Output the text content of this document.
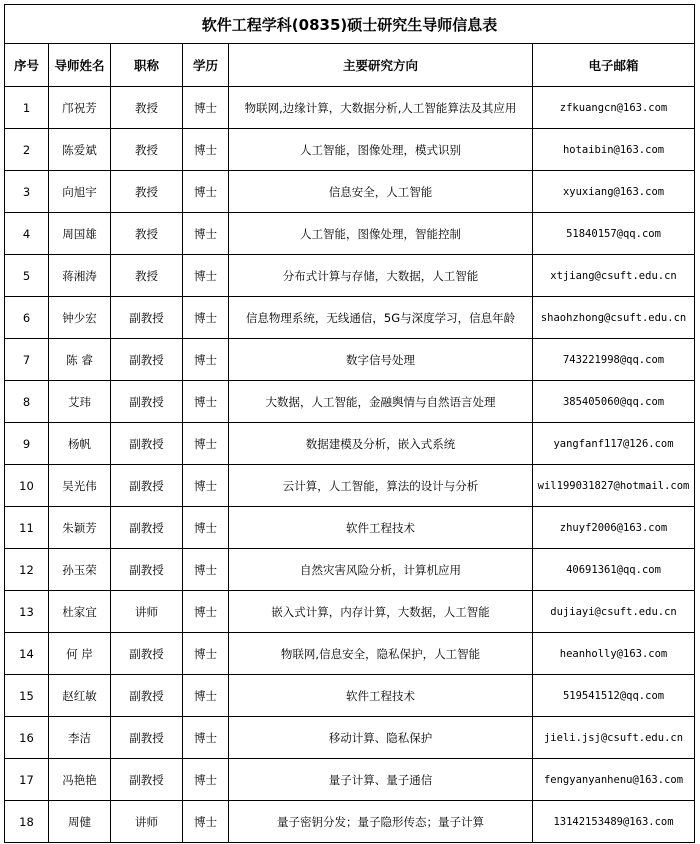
软件工程学科(0835)硕士研究生导师信息表					
序号	导师姓名	职称	学历	主要研究方向	电子邮箱
1	邝祝芳	教授	博士	物联网,边缘计算，大数据分析,人工智能算法及其应用	zfkuangcn@163.com
2	陈爱斌	教授	博士	人工智能，图像处理，模式识别	hotaibin@163.com
3	向旭宇	教授	博士	信息安全，人工智能	xyuxiang@163.com
4	周国雄	教授	博士	人工智能，图像处理，智能控制	51840157@qq.com
5	蒋湘涛	教授	博士	分布式计算与存储，大数据，人工智能	xtjiang@csuft.edu.cn
6	钟少宏	副教授	博士	信息物理系统，无线通信，5G与深度学习，信息年龄	shaohzhong@csuft.edu.cn
7	陈 睿	副教授	博士	数字信号处理	743221998@qq.com
8	艾玮	副教授	博士	大数据，人工智能，金融舆情与自然语言处理	385405060@qq.com
9	杨帆	副教授	博士	数据建模及分析，嵌入式系统	yangfanf117@126.com
10	吴光伟	副教授	博士	云计算，人工智能，算法的设计与分析	wil199031827@hotmail.com
11	朱颖芳	副教授	博士	软件工程技术	zhuyf2006@163.com
12	孙玉荣	副教授	博士	自然灾害风险分析，计算机应用	40691361@qq.com
13	杜家宜	讲师	博士	嵌入式计算，内存计算，大数据，人工智能	dujiayi@csuft.edu.cn
14	何 岸	副教授	博士	物联网,信息安全，隐私保护，人工智能	heanholly@163.com
15	赵红敏	副教授	博士	软件工程技术	519541512@qq.com
16	李洁	副教授	博士	移动计算、隐私保护	jieli.jsj@csuft.edu.cn
17	冯艳艳	副教授	博士	量子计算、量子通信	fengyanyanhenu@163.com
18	周健	讲师	博士	量子密钥分发；量子隐形传态；量子计算	13142153489@163.com
